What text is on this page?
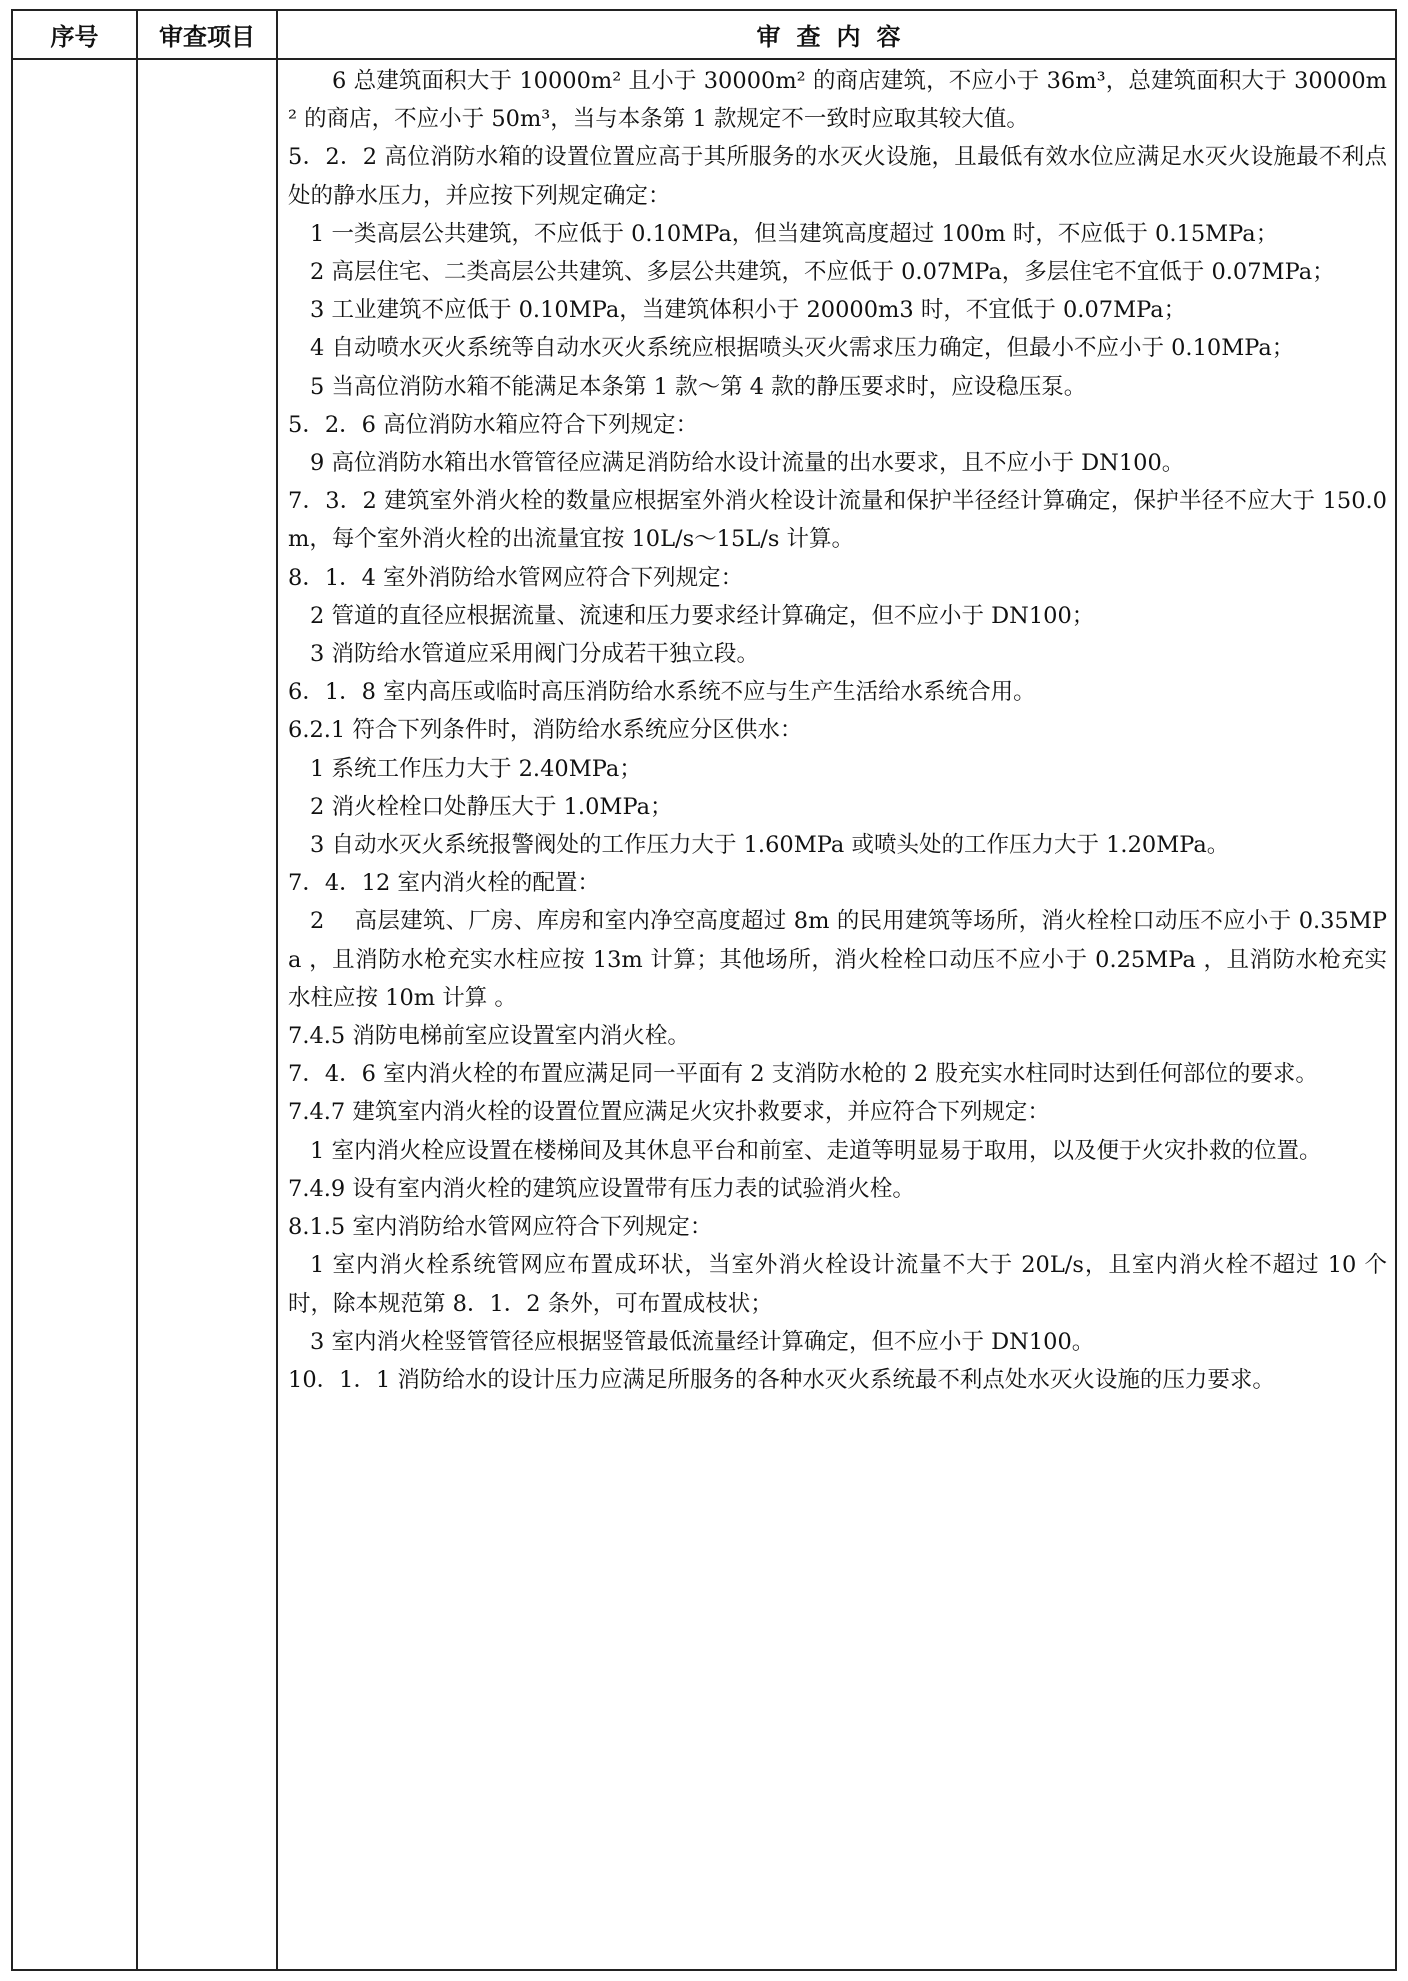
序号	审查项目	审查内容

6 总建筑面积大于 10000m² 且小于 30000m² 的商店建筑，不应小于 36m³，总建筑面积大于 30000m² 的商店，不应小于 50m³，当与本条第 1 款规定不一致时应取其较大值。

5．2．2 高位消防水箱的设置位置应高于其所服务的水灭火设施，且最低有效水位应满足水灭火设施最不利点处的静水压力，并应按下列规定确定：

1 一类高层公共建筑，不应低于 0.10MPa，但当建筑高度超过 100m 时，不应低于 0.15MPa；

2 高层住宅、二类高层公共建筑、多层公共建筑，不应低于 0.07MPa，多层住宅不宜低于 0.07MPa；

3 工业建筑不应低于 0.10MPa，当建筑体积小于 20000m3 时，不宜低于 0.07MPa；

4 自动喷水灭火系统等自动水灭火系统应根据喷头灭火需求压力确定，但最小不应小于 0.10MPa；

5 当高位消防水箱不能满足本条第 1 款～第 4 款的静压要求时，应设稳压泵。

5．2．6 高位消防水箱应符合下列规定：

9 高位消防水箱出水管管径应满足消防给水设计流量的出水要求，且不应小于 DN100。

7．3．2 建筑室外消火栓的数量应根据室外消火栓设计流量和保护半径经计算确定，保护半径不应大于 150.0m，每个室外消火栓的出流量宜按 10L/s～15L/s 计算。

8．1．4 室外消防给水管网应符合下列规定：

2 管道的直径应根据流量、流速和压力要求经计算确定，但不应小于 DN100；

3 消防给水管道应采用阀门分成若干独立段。

6．1．8 室内高压或临时高压消防给水系统不应与生产生活给水系统合用。

6.2.1 符合下列条件时，消防给水系统应分区供水：

1 系统工作压力大于 2.40MPa；

2 消火栓栓口处静压大于 1.0MPa；

3 自动水灭火系统报警阀处的工作压力大于 1.60MPa 或喷头处的工作压力大于 1.20MPa。

7．4．12 室内消火栓的配置：

2　 高层建筑、厂房、库房和室内净空高度超过 8m 的民用建筑等场所，消火栓栓口动压不应小于 0.35MPa ，且消防水枪充实水柱应按 13m 计算；其他场所，消火栓栓口动压不应小于 0.25MPa ，且消防水枪充实水柱应按 10m 计算 。

7.4.5 消防电梯前室应设置室内消火栓。

7．4．6 室内消火栓的布置应满足同一平面有 2 支消防水枪的 2 股充实水柱同时达到任何部位的要求。

7.4.7 建筑室内消火栓的设置位置应满足火灾扑救要求，并应符合下列规定：

1 室内消火栓应设置在楼梯间及其休息平台和前室、走道等明显易于取用，以及便于火灾扑救的位置。

7.4.9 设有室内消火栓的建筑应设置带有压力表的试验消火栓。

8.1.5 室内消防给水管网应符合下列规定：

1 室内消火栓系统管网应布置成环状，当室外消火栓设计流量不大于 20L/s，且室内消火栓不超过 10 个时，除本规范第 8．1．2 条外，可布置成枝状；

3 室内消火栓竖管管径应根据竖管最低流量经计算确定，但不应小于 DN100。

10．1．1 消防给水的设计压力应满足所服务的各种水灭火系统最不利点处水灭火设施的压力要求。
